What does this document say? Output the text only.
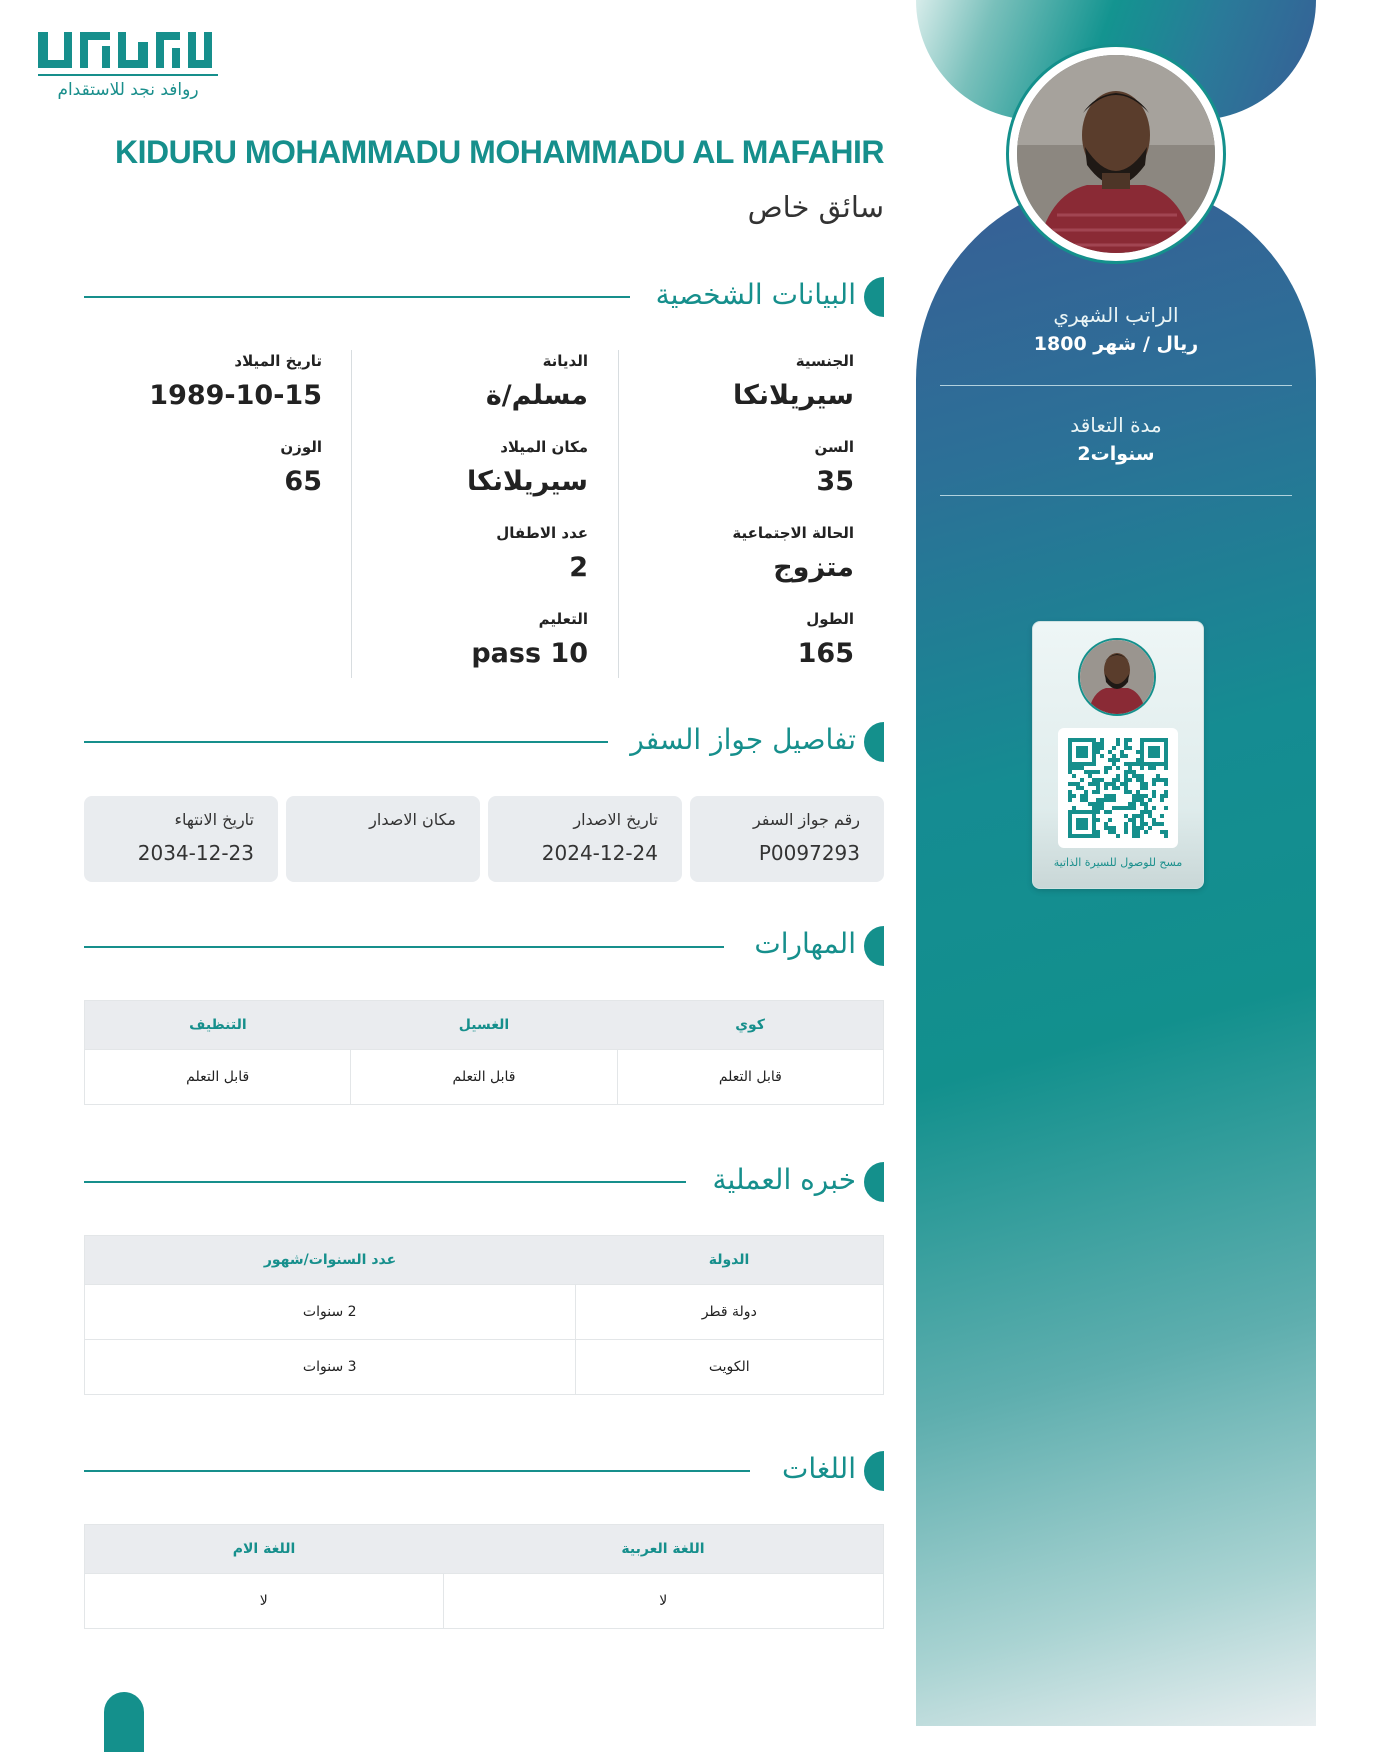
الراتب الشهري
1800 ريال / شهر
مدة التعاقد
2سنوات
مسح للوصول للسيرة الذاتية
روافد نجد للاستقدام
KIDURU MOHAMMADU MOHAMMADU AL MAFAHIR
سائق خاص
البيانات الشخصية
الجنسية
سيريلانكا
الديانة
مسلم/ة
تاريخ الميلاد
1989-10-15
السن
35
مكان الميلاد
سيريلانكا
الوزن
65
الحالة الاجتماعية
متزوج
عدد الاطفال
2
الطول
165
التعليم
pass 10
تفاصيل جواز السفر
رقم جواز السفر
P0097293
تاريخ الاصدار
2024-12-24
مكان الاصدار
تاريخ الانتهاء
2034-12-23
المهارات
كوي	الغسيل	التنظيف
قابل التعلم	قابل التعلم	قابل التعلم
خبره العملية
الدولة	عدد السنوات/شهور
دولة قطر	2 سنوات
الكويت	3 سنوات
اللغات
اللغة العربية	اللغة الام
لا	لا
